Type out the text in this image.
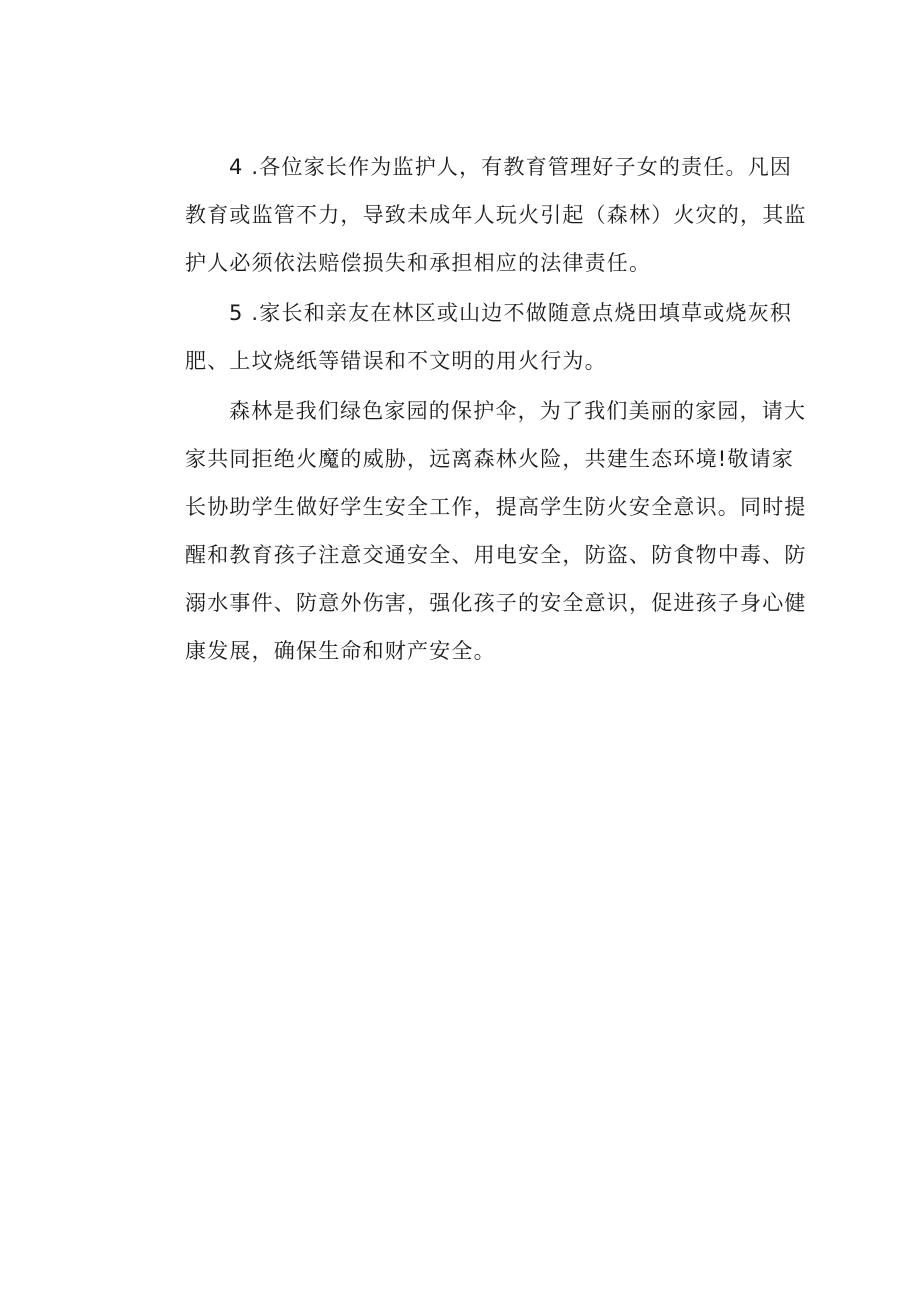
4 .各位家长作为监护人，有教育管理好子女的责任。凡因
教育或监管不力，导致未成年人玩火引起（森林）火灾的，其监
护人必须依法赔偿损失和承担相应的法律责任。
5 .家长和亲友在林区或山边不做随意点烧田填草或烧灰积
肥、上坟烧纸等错误和不文明的用火行为。
森林是我们绿色家园的保护伞，为了我们美丽的家园，请大
家共同拒绝火魔的威胁，远离森林火险，共建生态环境!敬请家
长协助学生做好学生安全工作，提高学生防火安全意识。同时提
醒和教育孩子注意交通安全、用电安全，防盗、防食物中毒、防
溺水事件、防意外伤害，强化孩子的安全意识，促进孩子身心健
康发展，确保生命和财产安全。
